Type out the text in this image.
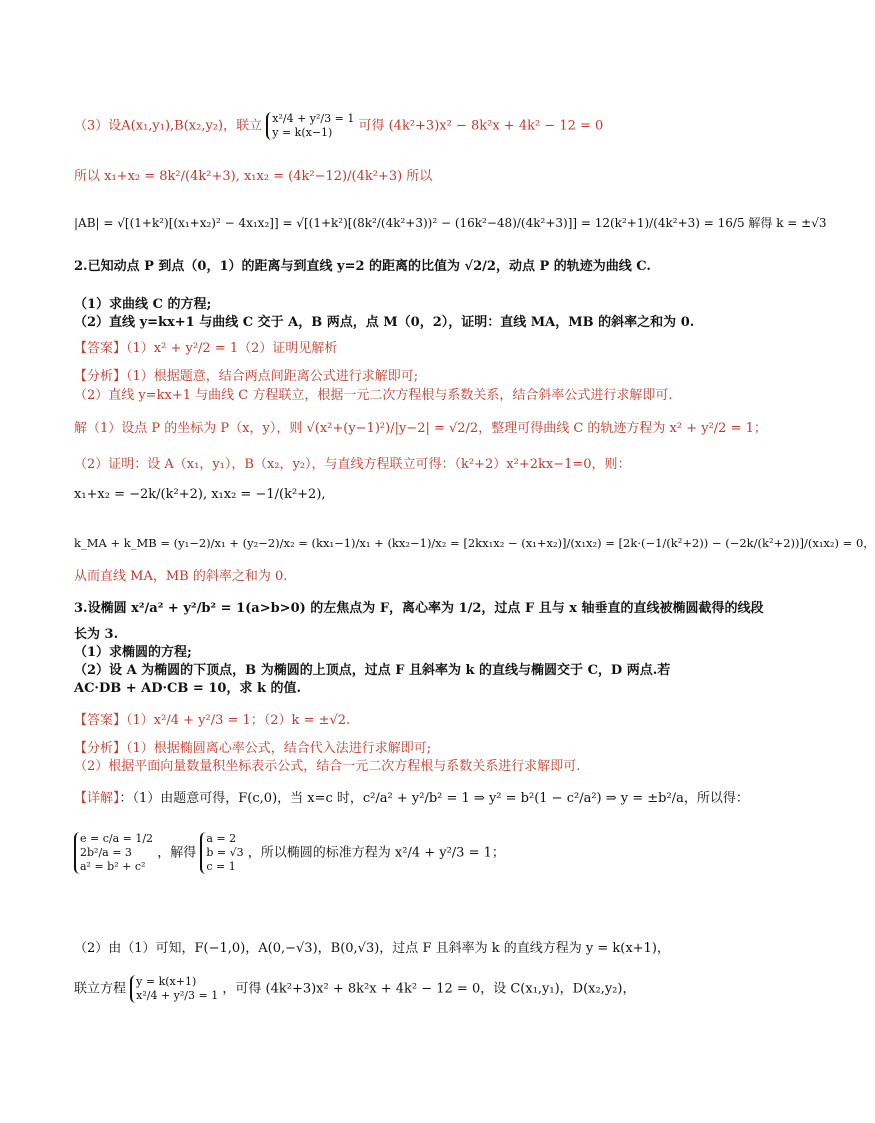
（3）设A(x₁,y₁),B(x₂,y₂)，联立 x²/4 + y²/3 = 1
y = k(x−1)	可得 (4k²+3)x² − 8k²x + 4k² − 12 = 0
所以 x₁+x₂ = 8k²/(4k²+3), x₁x₂ = (4k²−12)/(4k²+3) 所以
|AB| = √[(1+k²)[(x₁+x₂)² − 4x₁x₂]] = √[(1+k²)[(8k²/(4k²+3))² − (16k²−48)/(4k²+3)]] = 12(k²+1)/(4k²+3) = 16/5 解得 k = ±√3
2.已知动点 P 到点（0，1）的距离与到直线 y=2 的距离的比值为 √2/2，动点 P 的轨迹为曲线 C.
（1）求曲线 C 的方程;
（2）直线 y=kx+1 与曲线 C 交于 A，B 两点，点 M（0，2），证明：直线 MA，MB 的斜率之和为 0.
【答案】（1）x² + y²/2 = 1（2）证明见解析
【分析】（1）根据题意，结合两点间距离公式进行求解即可;
（2）直线 y=kx+1 与曲线 C 方程联立，根据一元二次方程根与系数关系，结合斜率公式进行求解即可.
解（1）设点 P 的坐标为 P（x，y），则 √(x²+(y−1)²)/|y−2| = √2/2，整理可得曲线 C 的轨迹方程为 x² + y²/2 = 1；
（2）证明：设 A（x₁，y₁），B（x₂，y₂），与直线方程联立可得：（k²+2）x²+2kx−1=0，则：
x₁+x₂ = −2k/(k²+2), x₁x₂ = −1/(k²+2),
k_MA + k_MB = (y₁−2)/x₁ + (y₂−2)/x₂ = (kx₁−1)/x₁ + (kx₂−1)/x₂ = [2kx₁x₂ − (x₁+x₂)]/(x₁x₂) = [2k·(−1/(k²+2)) − (−2k/(k²+2))]/(x₁x₂) = 0，
从而直线 MA，MB 的斜率之和为 0.
3.设椭圆 x²/a² + y²/b² = 1(a>b>0) 的左焦点为 F，离心率为 1/2，过点 F 且与 x 轴垂直的直线被椭圆截得的线段
长为 3.
（1）求椭圆的方程;
（2）设 A 为椭圆的下顶点，B 为椭圆的上顶点，过点 F 且斜率为 k 的直线与椭圆交于 C，D 两点.若
AC·DB + AD·CB = 10，求 k 的值.
【答案】（1）x²/4 + y²/3 = 1；（2）k = ±√2.
【分析】（1）根据椭圆离心率公式，结合代入法进行求解即可;
（2）根据平面向量数量积坐标表示公式，结合一元二次方程根与系数关系进行求解即可.
【详解】：（1）由题意可得，F(c,0)，当 x=c 时，c²/a² + y²/b² = 1 ⇒ y² = b²(1 − c²/a²) ⇒ y = ±b²/a，所以得：
e = c/a = 1/2
2b²/a = 3
a² = b² + c²
，解得
a = 2
b = √3
c = 1
，所以椭圆的标准方程为 x²/4 + y²/3 = 1；
（2）由（1）可知，F(−1,0)，A(0,−√3)，B(0,√3)，过点 F 且斜率为 k 的直线方程为 y = k(x+1)，
联立方程 y = k(x+1)
x²/4 + y²/3 = 1 ，可得 (4k²+3)x² + 8k²x + 4k² − 12 = 0，设 C(x₁,y₁)，D(x₂,y₂)，
